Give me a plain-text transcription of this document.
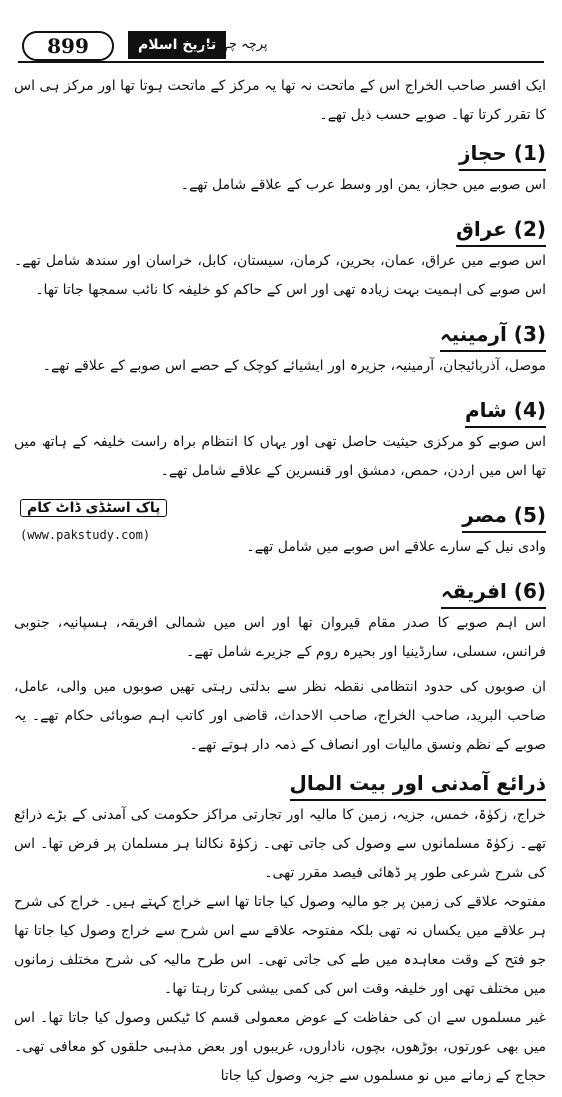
899	تاریخ اسلام
پرچہ چہارم

ایک افسر صاحب الخراج اس کے ماتحت نہ تھا یہ مرکز کے ماتحت ہوتا تھا اور مرکز ہی اس کا تقرر کرتا تھا۔ صوبے حسب ذیل تھے۔

(1) حجاز

اس صوبے میں حجاز، یمن اور وسط عرب کے علاقے شامل تھے۔

(2) عراق

اس صوبے میں عراق، عمان، بحرین، کرمان، سیستان، کابل، خراسان اور سندھ شامل تھے۔ اس صوبے کی اہمیت بہت زیادہ تھی اور اس کے حاکم کو خلیفہ کا نائب سمجھا جاتا تھا۔

(3) آرمینیہ

موصل، آذربائیجان، آرمینیہ، جزیرہ اور ایشیائے کوچک کے حصے اس صوبے کے علاقے تھے۔

(4) شام

اس صوبے کو مرکزی حیثیت حاصل تھی اور یہاں کا انتظام براہ راست خلیفہ کے ہاتھ میں تھا اس میں اردن، حمص، دمشق اور قنسرین کے علاقے شامل تھے۔

(5) مصر

وادی نیل کے سارے علاقے اس صوبے میں شامل تھے۔

(6) افریقہ

اس اہم صوبے کا صدر مقام قیروان تھا اور اس میں شمالی افریقہ، ہسپانیہ، جنوبی فرانس، سسلی، سارڈینیا اور بحیرہ روم کے جزیرے شامل تھے۔

ان صوبوں کی حدود انتظامی نقطہ نظر سے بدلتی رہتی تھیں صوبوں میں والی، عامل، صاحب البرید، صاحب الخراج، صاحب الاحداث، قاضی اور کاتب اہم صوبائی حکام تھے۔ یہ صوبے کے نظم ونسق مالیات اور انصاف کے ذمہ دار ہوتے تھے۔

ذرائع آمدنی اور بیت المال

خراج، زکوٰۃ، خمس، جزیہ، زمین کا مالیہ اور تجارتی مراکز حکومت کی آمدنی کے بڑے ذرائع تھے۔ زکوٰۃ مسلمانوں سے وصول کی جاتی تھی۔ زکوٰۃ نکالنا ہر مسلمان پر فرض تھا۔ اس کی شرح شرعی طور پر ڈھائی فیصد مقرر تھی۔

مفتوحہ علاقے کی زمین پر جو مالیہ وصول کیا جاتا تھا اسے خراج کہتے ہیں۔ خراج کی شرح ہر علاقے میں یکساں نہ تھی بلکہ مفتوحہ علاقے سے اس شرح سے خراج وصول کیا جاتا تھا جو فتح کے وقت معاہدہ میں طے کی جاتی تھی۔ اس طرح مالیہ کی شرح مختلف زمانوں میں مختلف تھی اور خلیفہ وقت اس کی کمی بیشی کرتا رہتا تھا۔

غیر مسلموں سے ان کی حفاظت کے عوض معمولی قسم کا ٹیکس وصول کیا جاتا تھا۔ اس میں بھی عورتوں، بوڑھوں، بچوں، ناداروں، غریبوں اور بعض مذہبی حلقوں کو معافی تھی۔ حجاج کے زمانے میں نو مسلموں سے جزیہ وصول کیا جاتا

پاک اسٹڈی ڈاٹ کام
(www.pakstudy.com)
